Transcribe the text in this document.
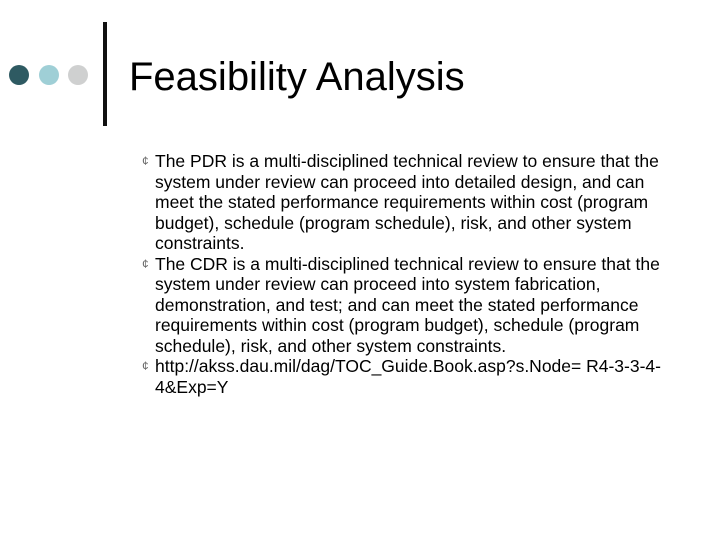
Feasibility Analysis
¢ The PDR is a multi-disciplined technical review to ensure that the system under review can proceed into detailed design, and can meet the stated performance requirements within cost (program budget), schedule (program schedule), risk, and other system constraints.
¢ The CDR is a multi-disciplined technical review to ensure that the system under review can proceed into system fabrication, demonstration, and test; and can meet the stated performance requirements within cost (program budget), schedule (program schedule), risk, and other system constraints.
¢ http://akss.dau.mil/dag/TOC_Guide.Book.asp?s.Node= R4-3-3-4-4&Exp=Y
